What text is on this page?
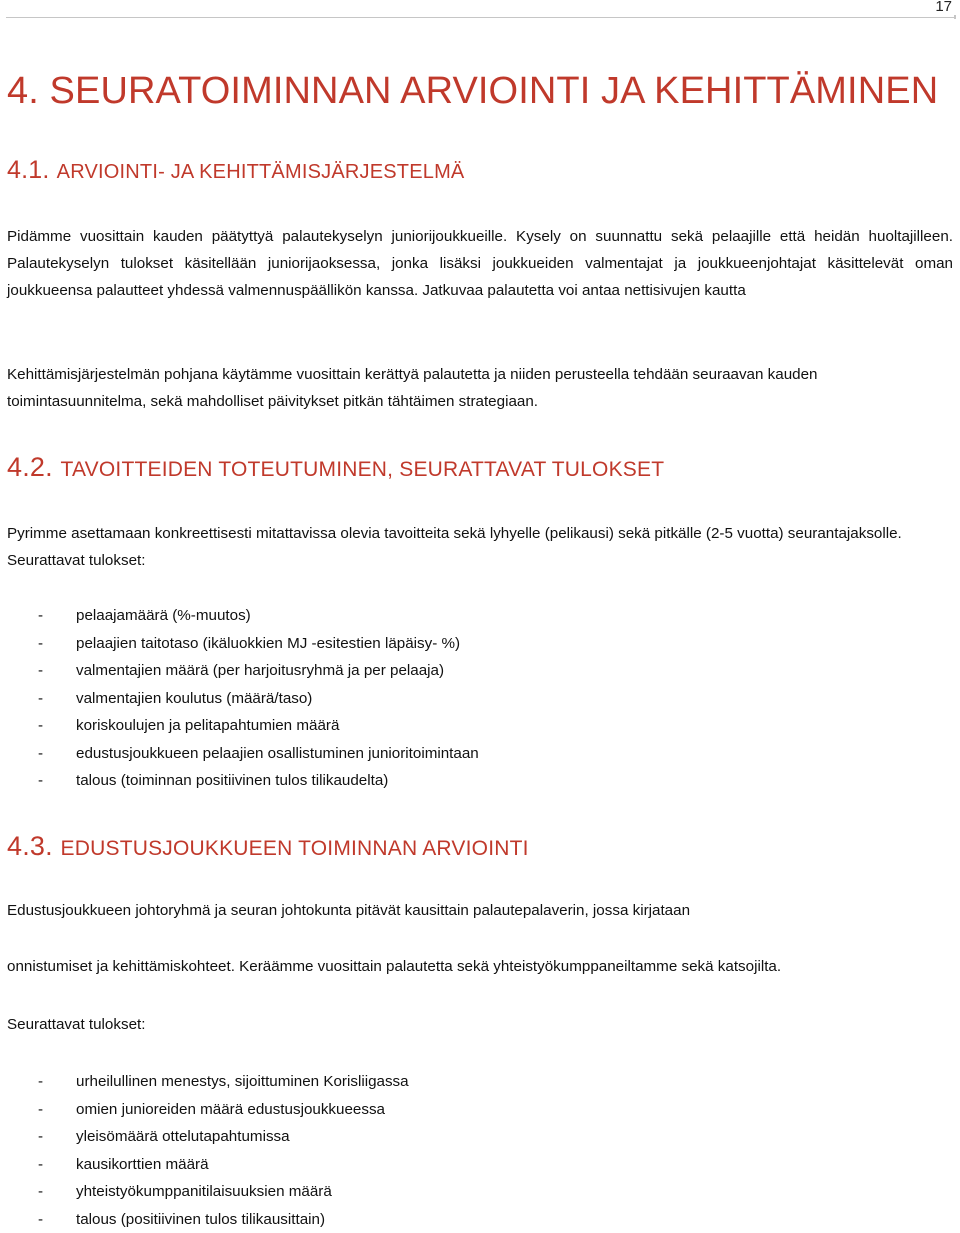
17
4. SEURATOIMINNAN ARVIOINTI JA KEHITTÄMINEN
4.1. ARVIOINTI- JA KEHITTÄMISJÄRJESTELMÄ
Pidämme vuosittain kauden päätyttyä palautekyselyn juniorijoukkueille. Kysely on suunnattu sekä pelaajille että heidän huoltajilleen. Palautekyselyn tulokset käsitellään juniorijaoksessa, jonka lisäksi joukkueiden valmentajat ja joukkueenjohtajat käsittelevät oman joukkueensa palautteet yhdessä valmennuspäällikön kanssa. Jatkuvaa palautetta voi antaa nettisivujen kautta
Kehittämisjärjestelmän pohjana käytämme vuosittain kerättyä palautetta ja niiden perusteella tehdään seuraavan kauden toimintasuunnitelma, sekä mahdolliset päivitykset pitkän tähtäimen strategiaan.
4.2. TAVOITTEIDEN TOTEUTUMINEN, SEURATTAVAT TULOKSET
Pyrimme asettamaan konkreettisesti mitattavissa olevia tavoitteita sekä lyhyelle (pelikausi) sekä pitkälle (2-5 vuotta) seurantajaksolle. Seurattavat tulokset:
- pelaajamäärä (%-muutos)
- pelaajien taitotaso (ikäluokkien MJ -esitestien läpäisy- %)
- valmentajien määrä (per harjoitusryhmä ja per pelaaja)
- valmentajien koulutus (määrä/taso)
- koriskoulujen ja pelitapahtumien määrä
- edustusjoukkueen pelaajien osallistuminen junioritoimintaan
- talous (toiminnan positiivinen tulos tilikaudelta)
4.3. EDUSTUSJOUKKUEEN TOIMINNAN ARVIOINTI
Edustusjoukkueen johtoryhmä ja seuran johtokunta pitävät kausittain palautepalaverin, jossa kirjataan
onnistumiset ja kehittämiskohteet. Keräämme vuosittain palautetta sekä yhteistyökumppaneiltamme sekä katsojilta.
Seurattavat tulokset:
- urheilullinen menestys, sijoittuminen Korisliigassa
- omien junioreiden määrä edustusjoukkueessa
- yleisömäärä ottelutapahtumissa
- kausikorttien määrä
- yhteistyökumppanitilaisuuksien määrä
- talous (positiivinen tulos tilikausittain)
